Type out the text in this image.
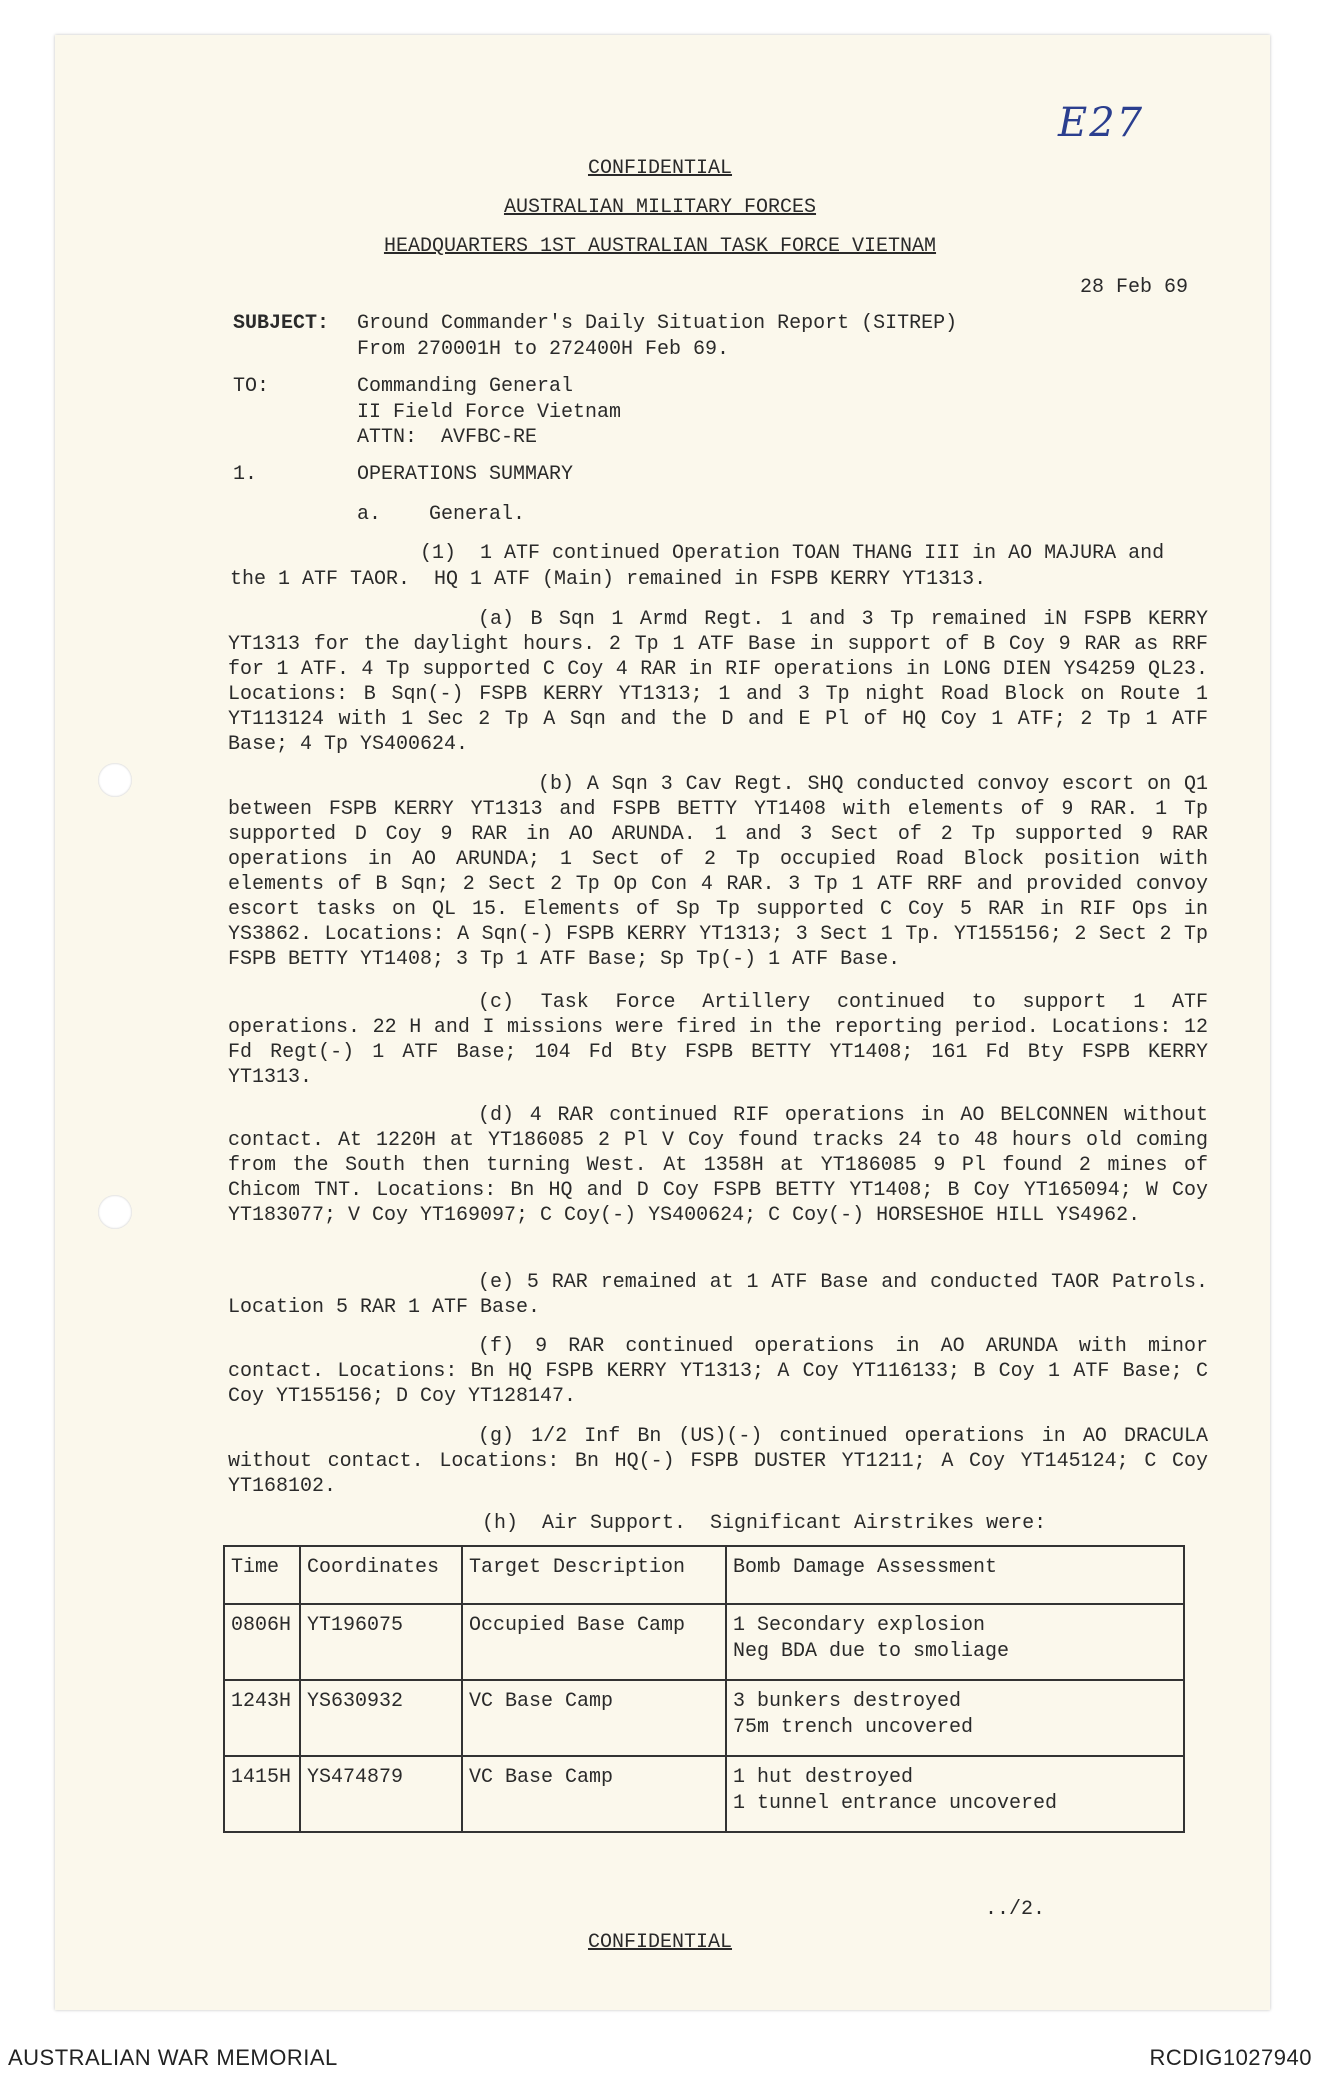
E27
CONFIDENTIAL
AUSTRALIAN MILITARY FORCES
HEADQUARTERS 1ST AUSTRALIAN TASK FORCE VIETNAM
28 Feb 69
SUBJECT: Ground Commander's Daily Situation Report (SITREP)
From 270001H to 272400H Feb 69.
TO:	Commanding General
II Field Force Vietnam
ATTN:  AVFBC-RE
1.	OPERATIONS SUMMARY
a.    General.
(1)  1 ATF continued Operation TOAN THANG III in AO MAJURA and
the 1 ATF TAOR.  HQ 1 ATF (Main) remained in FSPB KERRY YT1313.
(a) B Sqn 1 Armd Regt. 1 and 3 Tp remained iN FSPB KERRY YT1313 for the daylight hours. 2 Tp 1 ATF Base in support of B Coy 9 RAR as RRF for 1 ATF. 4 Tp supported C Coy 4 RAR in RIF operations in LONG DIEN YS4259 QL23. Locations: B Sqn(-) FSPB KERRY YT1313; 1 and 3 Tp night Road Block on Route 1 YT113124 with 1 Sec 2 Tp A Sqn and the D and E Pl of HQ Coy 1 ATF; 2 Tp 1 ATF Base; 4 Tp YS400624.
(b) A Sqn 3 Cav Regt. SHQ conducted convoy escort on Q1 between FSPB KERRY YT1313 and FSPB BETTY YT1408 with elements of 9 RAR. 1 Tp supported D Coy 9 RAR in AO ARUNDA. 1 and 3 Sect of 2 Tp supported 9 RAR operations in AO ARUNDA; 1 Sect of 2 Tp occupied Road Block position with elements of B Sqn; 2 Sect 2 Tp Op Con 4 RAR. 3 Tp 1 ATF RRF and provided convoy escort tasks on QL 15. Elements of Sp Tp supported C Coy 5 RAR in RIF Ops in YS3862. Locations: A Sqn(-) FSPB KERRY YT1313; 3 Sect 1 Tp. YT155156; 2 Sect 2 Tp FSPB BETTY YT1408; 3 Tp 1 ATF Base; Sp Tp(-) 1 ATF Base.
(c) Task Force Artillery continued to support 1 ATF operations. 22 H and I missions were fired in the reporting period. Locations: 12 Fd Regt(-) 1 ATF Base; 104 Fd Bty FSPB BETTY YT1408; 161 Fd Bty FSPB KERRY YT1313.
(d) 4 RAR continued RIF operations in AO BELCONNEN without contact. At 1220H at YT186085 2 Pl V Coy found tracks 24 to 48 hours old coming from the South then turning West. At 1358H at YT186085 9 Pl found 2 mines of Chicom TNT. Locations: Bn HQ and D Coy FSPB BETTY YT1408; B Coy YT165094; W Coy YT183077; V Coy YT169097; C Coy(-) YS400624; C Coy(-) HORSESHOE HILL YS4962.
(e) 5 RAR remained at 1 ATF Base and conducted TAOR Patrols. Location 5 RAR 1 ATF Base.
(f) 9 RAR continued operations in AO ARUNDA with minor contact. Locations: Bn HQ FSPB KERRY YT1313; A Coy YT116133; B Coy 1 ATF Base; C Coy YT155156; D Coy YT128147.
(g) 1/2 Inf Bn (US)(-) continued operations in AO DRACULA without contact. Locations: Bn HQ(-) FSPB DUSTER YT1211; A Coy YT145124; C Coy YT168102.
(h)  Air Support.  Significant Airstrikes were:
Time	Coordinates	Target Description	Bomb Damage Assessment
0806H	YT196075	Occupied Base Camp	1 Secondary explosion
Neg BDA due to smoliage

1243H	YS630932	VC Base Camp	3 bunkers destroyed
75m trench uncovered

1415H	YS474879	VC Base Camp	1 hut destroyed
1 tunnel entrance uncovered
../2.
CONFIDENTIAL
AUSTRALIAN WAR MEMORIAL	RCDIG1027940
